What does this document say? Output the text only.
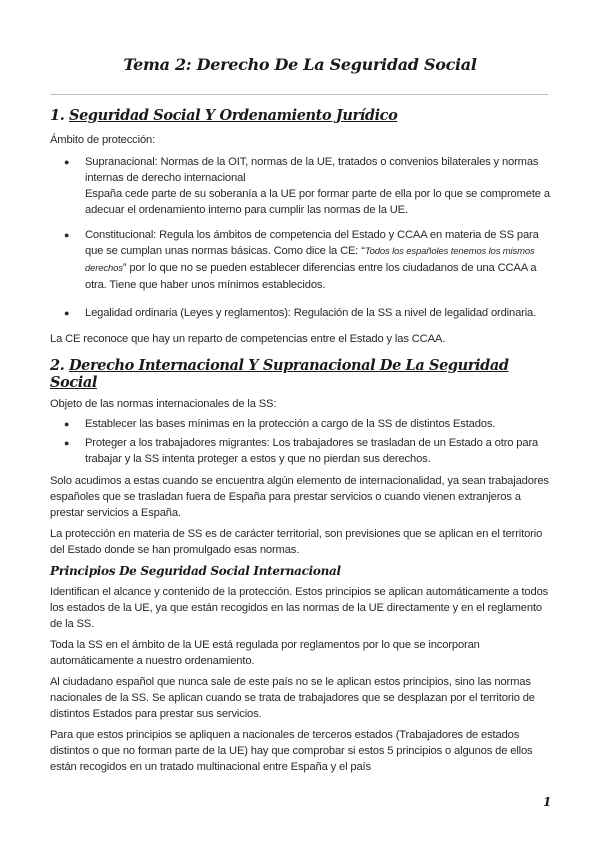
Tema 2: Derecho De La Seguridad Social
1. Seguridad Social Y Ordenamiento Jurídico

Ámbito de protección:

● Supranacional: Normas de la OIT, normas de la UE, tratados o convenios bilaterales y normas internas de derecho internacional
España cede parte de su soberanía a la UE por formar parte de ella por lo que se compromete a adecuar el ordenamiento interno para cumplir las normas de la UE.
● Constitucional: Regula los ámbitos de competencia del Estado y CCAA en materia de SS para que se cumplan unas normas básicas. Como dice la CE: “Todos los españoles tenemos los mismos derechos” por lo que no se pueden establecer diferencias entre los ciudadanos de una CCAA a otra. Tiene que haber unos mínimos establecidos.
● Legalidad ordinaria (Leyes y reglamentos): Regulación de la SS a nivel de legalidad ordinaria.

La CE reconoce que hay un reparto de competencias entre el Estado y las CCAA.

2. Derecho Internacional Y Supranacional De La Seguridad Social

Objeto de las normas internacionales de la SS:

● Establecer las bases mínimas en la protección a cargo de la SS de distintos Estados.
● Proteger a los trabajadores migrantes: Los trabajadores se trasladan de un Estado a otro para trabajar y la SS intenta proteger a estos y que no pierdan sus derechos.

Solo acudimos a estas cuando se encuentra algún elemento de internacionalidad, ya sean trabajadores españoles que se trasladan fuera de España para prestar servicios o cuando vienen extranjeros a prestar servicios a España.

La protección en materia de SS es de carácter territorial, son previsiones que se aplican en el territorio del Estado donde se han promulgado esas normas.

Principios De Seguridad Social Internacional

Identifican el alcance y contenido de la protección. Estos principios se aplican automáticamente a todos los estados de la UE, ya que están recogidos en las normas de la UE directamente y en el reglamento de la SS.

Toda la SS en el ámbito de la UE está regulada por reglamentos por lo que se incorporan automáticamente a nuestro ordenamiento.

Al ciudadano español que nunca sale de este país no se le aplican estos principios, sino las normas nacionales de la SS. Se aplican cuando se trata de trabajadores que se desplazan por el territorio de distintos Estados para prestar sus servicios.

Para que estos principios se apliquen a nacionales de terceros estados (Trabajadores de estados distintos o que no forman parte de la UE) hay que comprobar si estos 5 principios o algunos de ellos están recogidos en un tratado multinacional entre España y el país

1
